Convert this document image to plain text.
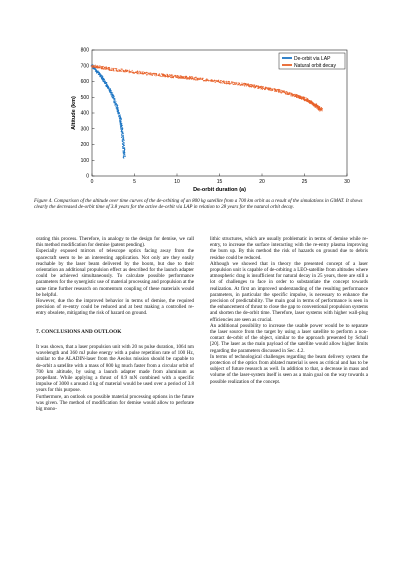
0
100
200
300
400
500
600
700
800
0	5	10	15	20	25	30
De-orbit duration (a)
Altitude (km)
De-orbit via LAP
Natural orbit decay
Figure 4. Comparison of the altitude over time curves of the de-orbiting of an 800 kg satellite from a 700 km orbit as a result of the simulations in GMAT. It shows clearly the decreased de-orbit time of 3.8 years for the active de-orbit via LAP in relation to 28 years for the natural orbit decay.

orating this process. Therefore, in analogy to the design for demise, we call this method modification for demise (patent pending).

Especially exposed mirrors of telescope optics facing away from the spacecraft seem to be an interesting application. Not only are they easily reachable by the laser beam delivered by the boom, but due to their orientation an additional propulsion effect as described for the launch adapter could be achieved simultaneously. To calculate possible performance parameters for the synergistic use of material processing and propulsion at the same time further research on momentum coupling of these materials would be helpful.

However, due tho the improved behavior in terms of demise, the required precision of re-entry could be reduced and at best making a controlled re-entry obsolete, mitigating the risk of hazard on ground.

7. CONCLUSIONS AND OUTLOOK

It was shown, that a laser propulsion unit with 20 ns pulse duration, 1064 nm wavelength and 360 mJ pulse energy with a pulse repetition rate of 100 Hz, similar to the ALADIN-laser from the Aeolus mission should be capable to de-orbit a satellite with a mass of 800 kg much faster from a circular orbit of 700 km altitude, by using a launch adapter made from aluminum as propellant. While applying a thrust of 0.9 mN combined with a specific impulse of 3000 s around 4 kg of material would be used over a period of 3.8 years for this purpose.

Furthermore, an outlook on possible material processing options in the future was given. The method of modification for demise would allow to perforate big mono-

lithic structures, which are usually problematic in terms of demise while re-entry, to increase the surface interacting with the re-entry plasma improving the burn up. By this method the risk of hazards on ground due to debris residue could be reduced.

Although we showed that in theory the presented concept of a laser propulsion unit is capable of de-orbiting a LEO-satellite from altitudes where atmospheric drag is insufficient for natural decay in 25 years, there are still a lot of challenges to face in order to substantiate the concept towards realization. At first an improved understanding of the resulting performance parameters, in particular the specific impulse, is necessary to enhance the precision of predictability. The main goal in terms of performance is seen in the enhancement of thrust to close the gap to conventional propulsion systems and shorten the de-orbit time. Therefore, laser systems with higher wall-plug efficiencies are seen as crucial.

An additional possibility to increase the usable power would be to separate the laser source from the target by using a laser satellite to perform a non-contact de-orbit of the object, similar to the approach presented by Schall [20]. The laser as the main payload of the satellite would allow higher limits regarding the parameters discussed in Sec. 4.2.

In terms of technological challenges regarding the beam delivery system the protection of the optics from ablated material is seen as critical and has to be subject of future research as well. In addition to that, a decrease in mass and volume of the laser-system itself is seen as a main goal on the way towards a possible realization of the concept.
